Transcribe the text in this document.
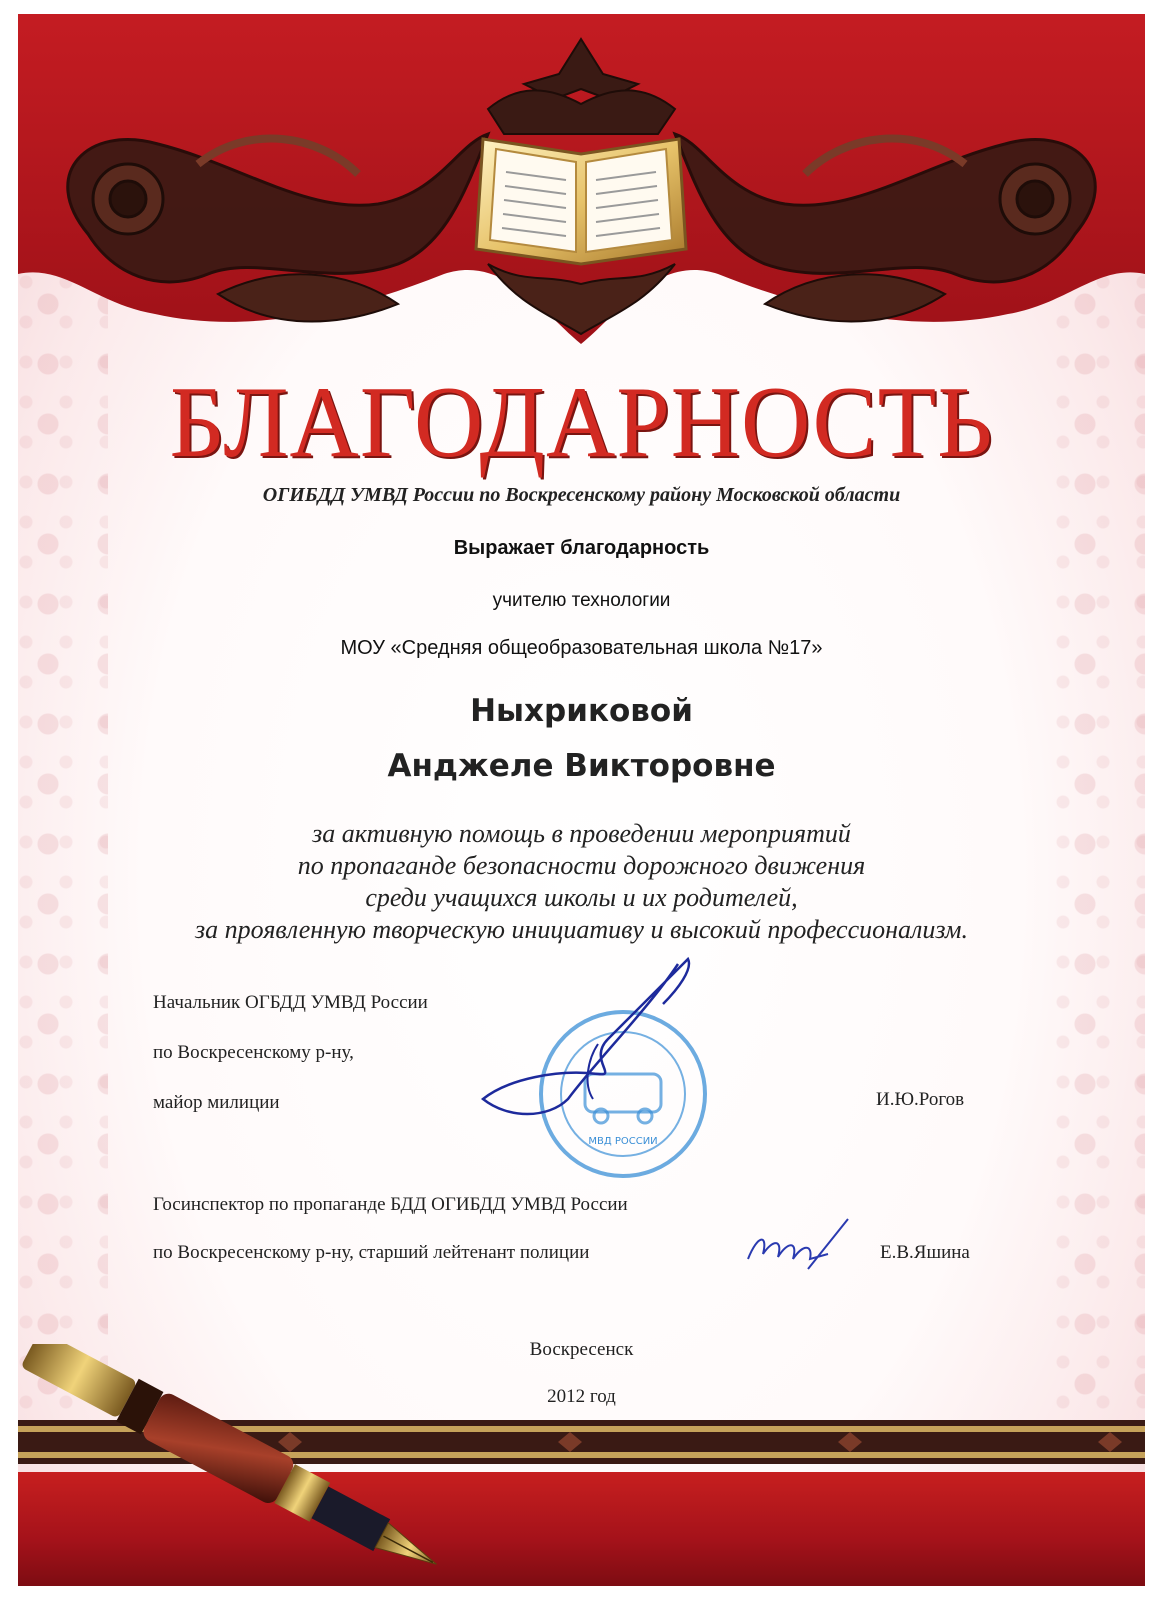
БЛАГОДАРНОСТЬ
ОГИБДД УМВД России по Воскресенскому району Московской области
Выражает благодарность
учителю технологии
МОУ «Средняя общеобразовательная школа №17»
Ныхриковой
Анджеле Викторовне
за активную помощь в проведении мероприятий
по пропаганде безопасности дорожного движения
среди учащихся школы и их родителей,
за проявленную творческую инициативу и высокий профессионализм.
Начальник ОГБДД УМВД России
по Воскресенскому р-ну,
майор милиции	И.Ю.Рогов
МВД РОССИИ
Госинспектор по пропаганде БДД ОГИБДД УМВД России
по Воскресенскому р-ну, старший лейтенант полиции	Е.В.Яшина
Воскресенск
2012 год
